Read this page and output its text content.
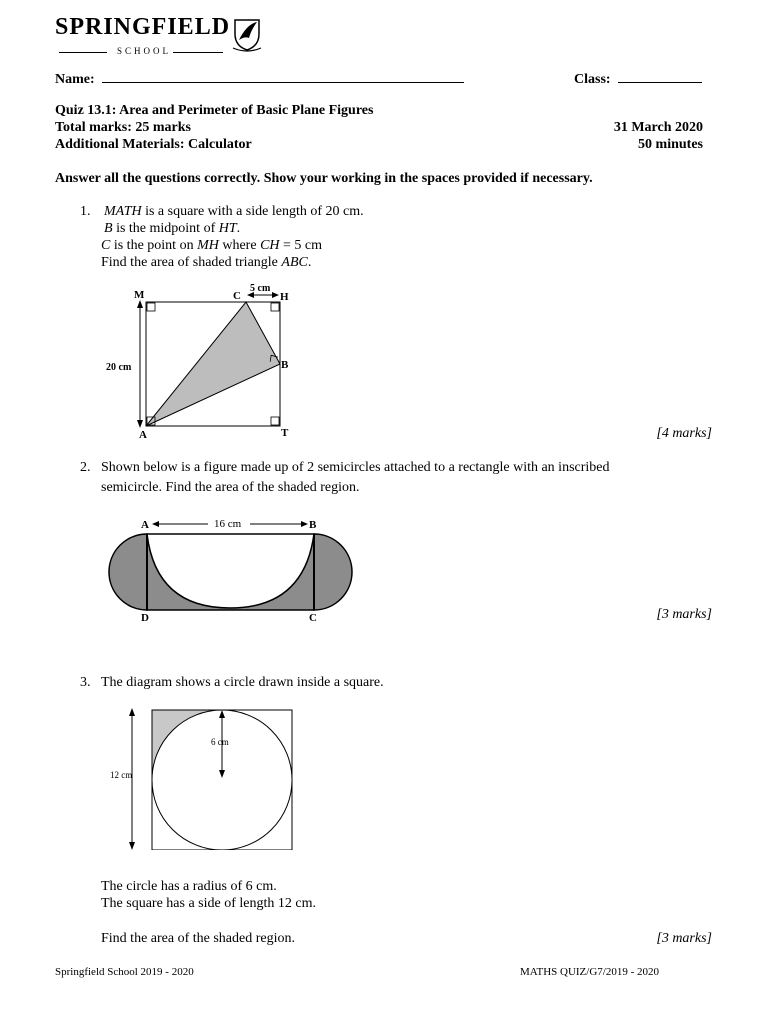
SPRINGFIELD
SCHOOL
Name:	Class:
Quiz 13.1: Area and Perimeter of Basic Plane Figures
Total marks: 25 marks	31 March 2020
Additional Materials: Calculator	50 minutes
Answer all the questions correctly. Show your working in the spaces provided if necessary.
1. MATH is a square with a side length of 20 cm.
B is the midpoint of HT.
C is the point on MH where CH = 5 cm
Find the area of shaded triangle ABC.
M	C
5 cm
H
B
20 cm
A	T	[4 marks]
2. Shown below is a figure made up of 2 semicircles attached to a rectangle with an inscribed
semicircle. Find the area of the shaded region.
A	16 cm	B
D	C	[3 marks]
3. The diagram shows a circle drawn inside a square.
6 cm
12 cm
The circle has a radius of 6 cm.
The square has a side of length 12 cm.
Find the area of the shaded region.	[3 marks]
Springfield School 2019 - 2020	MATHS QUIZ/G7/2019 - 2020
